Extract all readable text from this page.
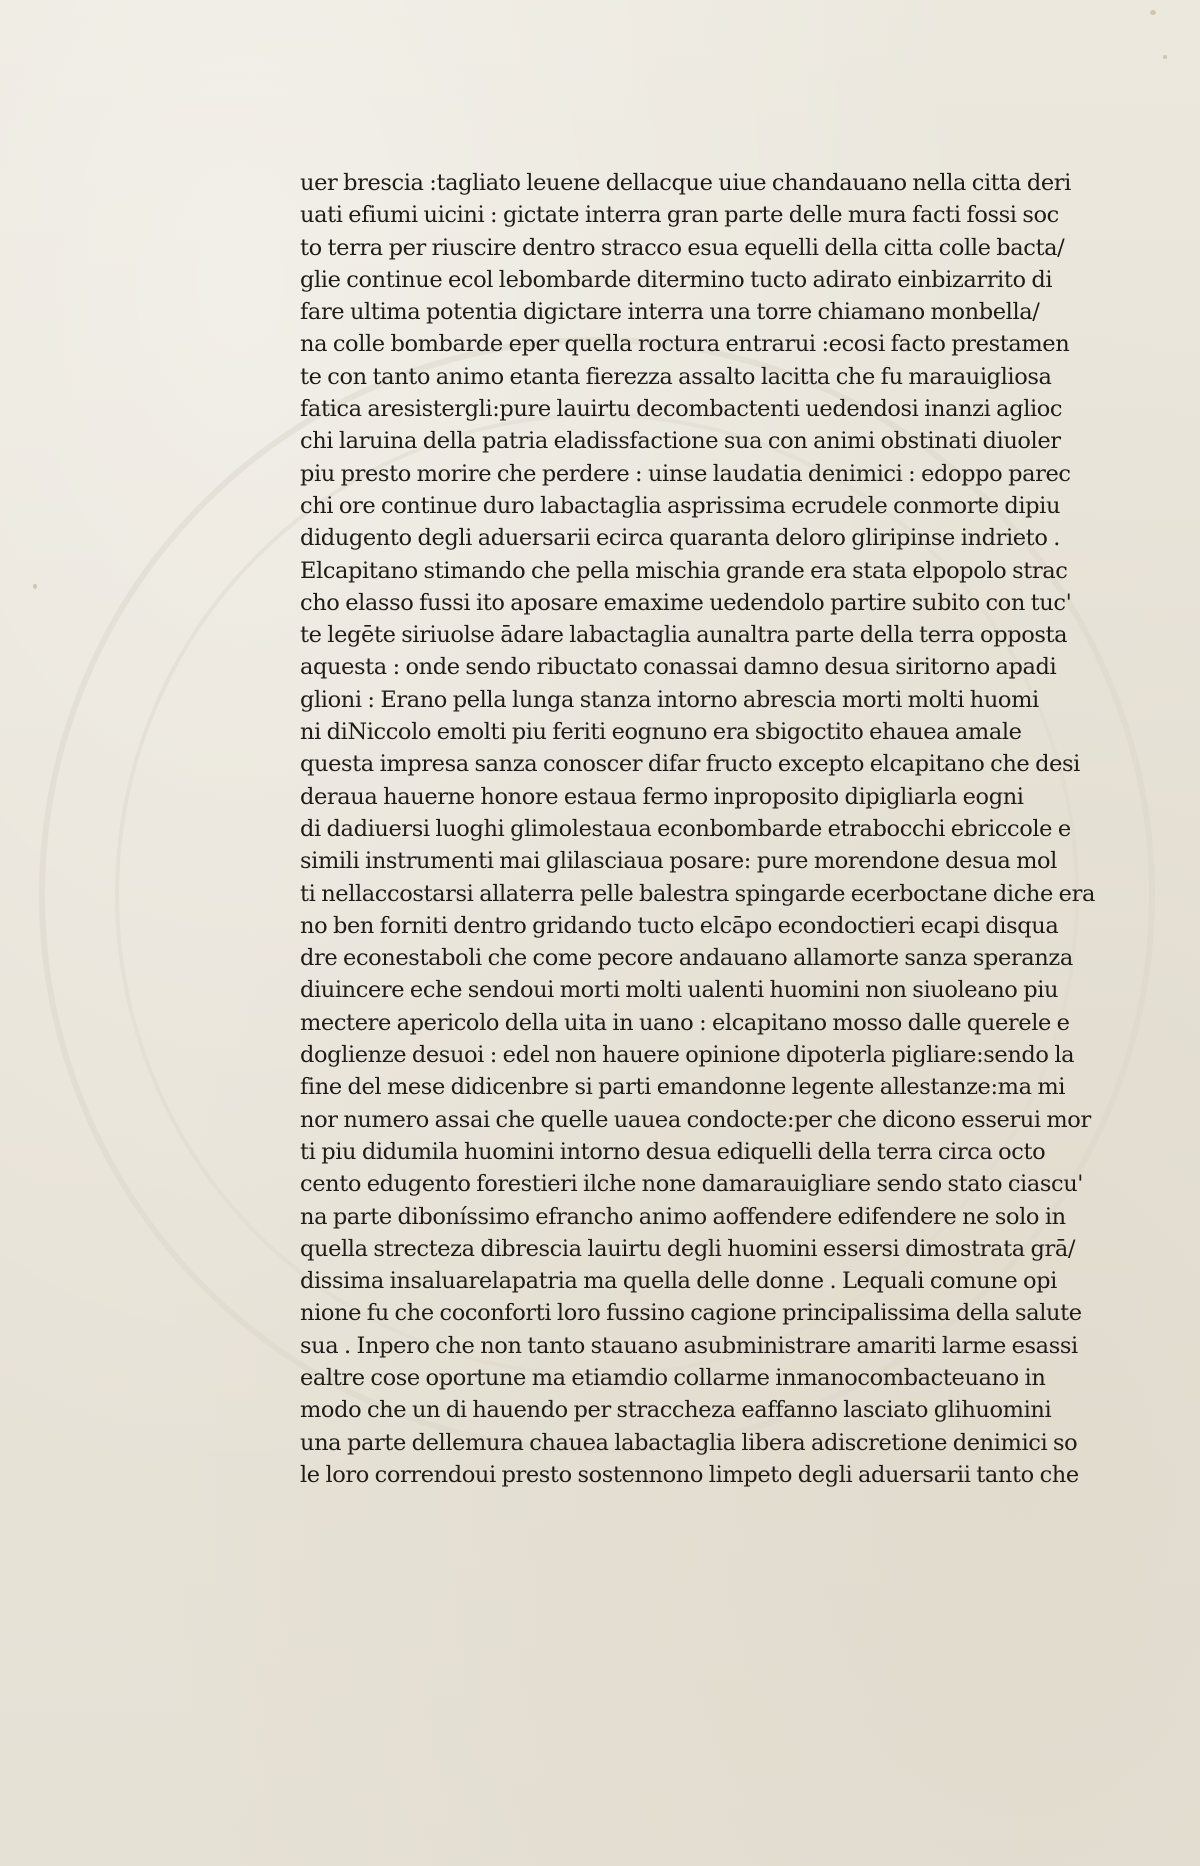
uer brescia :tagliato leuene dellacque uiue chandauano nella citta deri
uati efiumi uicini : gictate interra gran parte delle mura facti fossi soc
to terra per riuscire dentro stracco esua equelli della citta colle bacta/
glie continue ecol lebombarde ditermino tucto adirato einbizarrito di
fare ultima potentia digictare interra una torre chiamano monbella/
na colle bombarde eper quella roctura entrarui :ecosi facto prestamen
te con tanto animo etanta fierezza assalto lacitta che fu marauigliosa
fatica aresistergli:pure lauirtu decombactenti uedendosi inanzi aglioc
chi laruina della patria eladissfactione sua con animi obstinati diuoler
piu presto morire che perdere : uinse laudatia denimici : edoppo parec
chi ore continue duro labactaglia asprissima ecrudele conmorte dipiu
didugento degli aduersarii ecirca quaranta deloro gliripinse indrieto .
Elcapitano stimando che pella mischia grande era stata elpopolo strac
cho elasso fussi ito aposare emaxime uedendolo partire subito con tuc'
te legēte siriuolse ādare labactaglia aunaltra parte della terra opposta
aquesta : onde sendo ribuctato conassai damno desua siritorno apadi
glioni : Erano pella lunga stanza intorno abrescia morti molti huomi
ni diNiccolo emolti piu feriti eognuno era sbigoctito ehauea amale
questa impresa sanza conoscer difar fructo excepto elcapitano che desi
deraua hauerne honore estaua fermo inproposito dipigliarla eogni
di dadiuersi luoghi glimolestaua econbombarde etrabocchi ebriccole e
simili instrumenti mai glilasciaua posare: pure morendone desua mol
ti nellaccostarsi allaterra pelle balestra spingarde ecerboctane diche era
no ben forniti dentro gridando tucto elcāpo econdoctieri ecapi disqua
dre econestaboli che come pecore andauano allamorte sanza speranza
diuincere eche sendoui morti molti ualenti huomini non siuoleano piu
mectere apericolo della uita in uano : elcapitano mosso dalle querele e
doglienze desuoi : edel non hauere opinione dipoterla pigliare:sendo la
fine del mese didicenbre si parti emandonne legente allestanze:ma mi
nor numero assai che quelle uauea condocte:per che dicono esserui mor
ti piu didumila huomini intorno desua ediquelli della terra circa octo
cento edugento forestieri ilche none damarauigliare sendo stato ciascu'
na parte diboníssimo efrancho animo aoffendere edifendere ne solo in
quella strecteza dibrescia lauirtu degli huomini essersi dimostrata grā/
dissima insaluarelapatria ma quella delle donne . Lequali comune opi
nione fu che coconforti loro fussino cagione principalissima della salute
sua . Inpero che non tanto stauano asubministrare amariti larme esassi
ealtre cose oportune ma etiamdio collarme inmanocombacteuano in
modo che un di hauendo per straccheza eaffanno lasciato glihuomini
una parte dellemura chauea labactaglia libera adiscretione denimici so
le loro correndoui presto sostennono limpeto degli aduersarii tanto che
